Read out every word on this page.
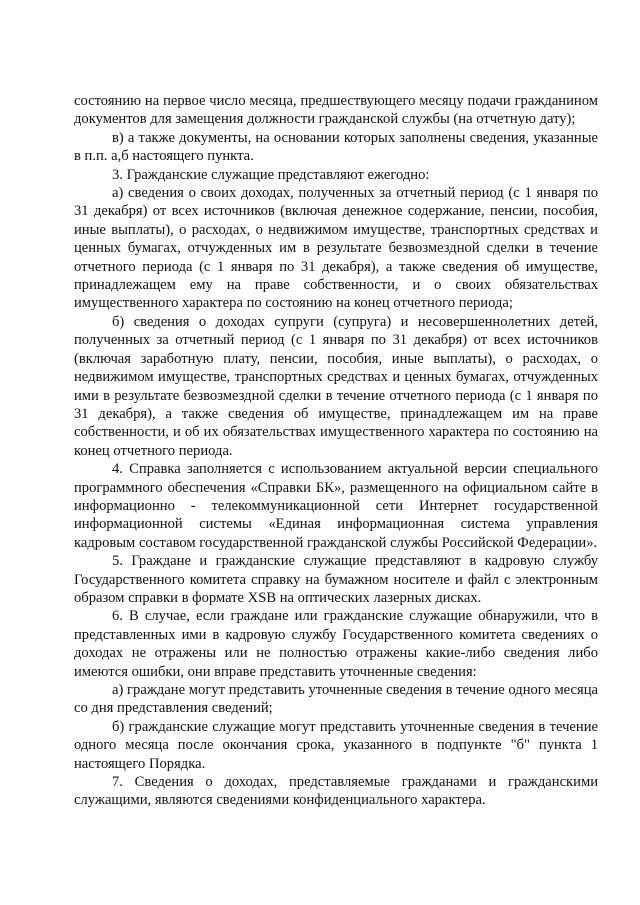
состоянию на первое число месяца, предшествующего месяцу подачи гражданином документов для замещения должности гражданской службы (на отчетную дату);

в) а также документы, на основании которых заполнены сведения, указанные в п.п. а,б настоящего пункта.

3. Гражданские служащие представляют ежегодно:

а) сведения о своих доходах, полученных за отчетный период (с 1 января по 31 декабря) от всех источников (включая денежное содержание, пенсии, пособия, иные выплаты), о расходах, о недвижимом имуществе, транспортных средствах и ценных бумагах, отчужденных им в результате безвозмездной сделки в течение отчетного периода (с 1 января по 31 декабря), а также сведения об имуществе, принадлежащем ему на праве собственности, и о своих обязательствах имущественного характера по состоянию на конец отчетного периода;

б) сведения о доходах супруги (супруга) и несовершеннолетних детей, полученных за отчетный период (с 1 января по 31 декабря) от всех источников (включая заработную плату, пенсии, пособия, иные выплаты), о расходах, о недвижимом имуществе, транспортных средствах и ценных бумагах, отчужденных ими в результате безвозмездной сделки в течение отчетного периода (с 1 января по 31 декабря), а также сведения об имуществе, принадлежащем им на праве собственности, и об их обязательствах имущественного характера по состоянию на конец отчетного периода.

4. Справка заполняется с использованием актуальной версии специального программного обеспечения «Справки БК», размещенного на официальном сайте в информационно - телекоммуникационной сети Интернет государственной информационной системы «Единая информационная система управления кадровым составом государственной гражданской службы Российской Федерации».

5. Граждане и гражданские служащие представляют в кадровую службу Государственного комитета справку на бумажном носителе и файл с электронным образом справки в формате XSB на оптических лазерных дисках.

6. В случае, если граждане или гражданские служащие обнаружили, что в представленных ими в кадровую службу Государственного комитета сведениях о доходах не отражены или не полностью отражены какие-либо сведения либо имеются ошибки, они вправе представить уточненные сведения:

а) граждане могут представить уточненные сведения в течение одного месяца со дня представления сведений;

б) гражданские служащие могут представить уточненные сведения в течение одного месяца после окончания срока, указанного в подпункте "б" пункта 1 настоящего Порядка.

7. Сведения о доходах, представляемые гражданами и гражданскими служащими, являются сведениями конфиденциального характера.
